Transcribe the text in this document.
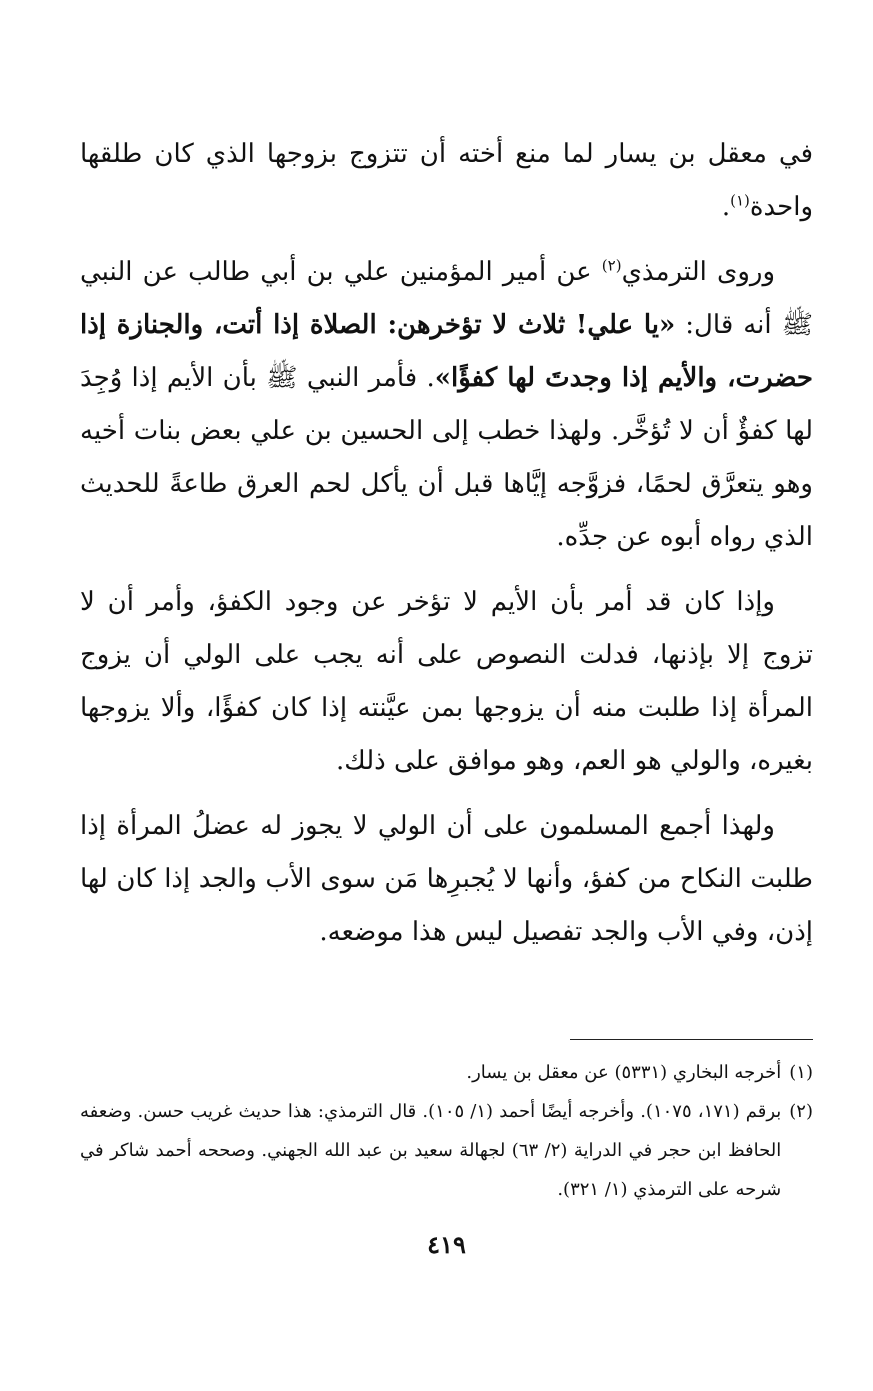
في معقل بن يسار لما منع أخته أن تتزوج بزوجها الذي كان طلقها واحدة$^{(١)}$.

وروى الترمذي$^{(٢)}$ عن أمير المؤمنين علي بن أبي طالب عن النبي ﷺ أنه قال: «يا علي! ثلاث لا تؤخرهن: الصلاة إذا أتت، والجنازة إذا حضرت، والأيم إذا وجدتَ لها كفؤًا». فأمر النبي ﷺ بأن الأيم إذا وُجِدَ لها كفؤٌ أن لا تُؤخَّر. ولهذا خطب إلى الحسين بن علي بعض بنات أخيه وهو يتعرَّق لحمًا، فزوَّجه إيَّاها قبل أن يأكل لحم العرق طاعةً للحديث الذي رواه أبوه عن جدِّه.

وإذا كان قد أمر بأن الأيم لا تؤخر عن وجود الكفؤ، وأمر أن لا تزوج إلا بإذنها، فدلت النصوص على أنه يجب على الولي أن يزوج المرأة إذا طلبت منه أن يزوجها بمن عيَّنته إذا كان كفؤًا، وألا يزوجها بغيره، والولي هو العم، وهو موافق على ذلك.

ولهذا أجمع المسلمون على أن الولي لا يجوز له عضلُ المرأة إذا طلبت النكاح من كفؤ، وأنها لا يُجبرِها مَن سوى الأب والجد إذا كان لها إذن، وفي الأب والجد تفصيل ليس هذا موضعه.

(١)
أخرجه البخاري (٥٣٣١) عن معقل بن يسار.

(٢)
برقم (١٧١، ١٠٧٥). وأخرجه أيضًا أحمد (١/ ١٠٥). قال الترمذي: هذا حديث غريب حسن. وضعفه الحافظ ابن حجر في الدراية (٢/ ٦٣) لجهالة سعيد بن عبد الله الجهني. وصححه أحمد شاكر في شرحه على الترمذي (١/ ٣٢١).

٤١٩
